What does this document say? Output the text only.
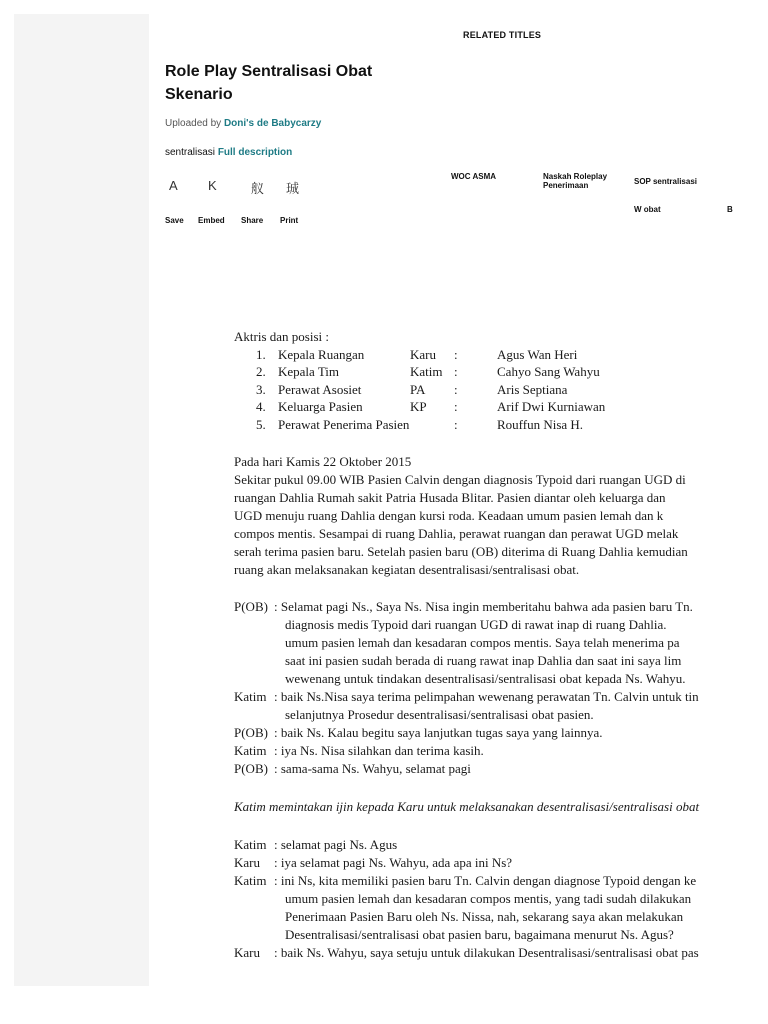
RELATED TITLES
Role Play Sentralisasi Obat
Skenario
Uploaded by Doni's de Babycarzy
sentralisasi Full description
A
Save
K
Embed
舣
Share
珹
Print
WOC ASMA	Naskah Roleplay
Penerimaan	SOP sentralisasi
W obat	B
Aktris dan posisi :
1. Kepala Ruangan	Karu :	Agus Wan Heri
2. Kepala Tim	Katim :	Cahyo Sang Wahyu
3. Perawat Asosiet	PA :	Aris Septiana
4. Keluarga Pasien	KP :	Arif Dwi Kurniawan
5. Perawat Penerima Pasien	:	Rouffun Nisa H.
Pada hari Kamis 22 Oktober 2015
Sekitar pukul 09.00 WIB Pasien Calvin dengan diagnosis Typoid dari ruangan UGD di
ruangan Dahlia Rumah sakit Patria Husada Blitar. Pasien diantar oleh keluarga dan
UGD menuju ruang Dahlia dengan kursi roda. Keadaan umum pasien lemah dan k
compos mentis. Sesampai di ruang Dahlia, perawat ruangan dan perawat UGD melak
serah terima pasien baru. Setelah pasien baru (OB) diterima di Ruang Dahlia kemudian
ruang akan melaksanakan kegiatan desentralisasi/sentralisasi obat.
P(OB) : Selamat pagi Ns., Saya Ns. Nisa ingin memberitahu bahwa ada pasien baru Tn.
diagnosis medis Typoid dari ruangan UGD di rawat inap di ruang Dahlia.
umum pasien lemah dan kesadaran compos mentis. Saya telah menerima pa
saat ini pasien sudah berada di ruang rawat inap Dahlia dan saat ini saya lim
wewenang untuk tindakan desentralisasi/sentralisasi obat kepada Ns. Wahyu.
Katim : baik Ns.Nisa saya terima pelimpahan wewenang perawatan Tn. Calvin untuk tin
selanjutnya Prosedur desentralisasi/sentralisasi obat pasien.
P(OB) : baik Ns. Kalau begitu saya lanjutkan tugas saya yang lainnya.
Katim : iya Ns. Nisa silahkan dan terima kasih.
P(OB) : sama-sama Ns. Wahyu, selamat pagi
Katim memintakan ijin kepada Karu untuk melaksanakan desentralisasi/sentralisasi obat
Katim : selamat pagi Ns. Agus
Karu	: iya selamat pagi Ns. Wahyu, ada apa ini Ns?
Katim : ini Ns, kita memiliki pasien baru Tn. Calvin dengan diagnose Typoid dengan ke
umum pasien lemah dan kesadaran compos mentis, yang tadi sudah dilakukan
Penerimaan Pasien Baru oleh Ns. Nissa, nah, sekarang saya akan melakukan
Desentralisasi/sentralisasi obat pasien baru, bagaimana menurut Ns. Agus?
Karu	: baik Ns. Wahyu, saya setuju untuk dilakukan Desentralisasi/sentralisasi obat pas
